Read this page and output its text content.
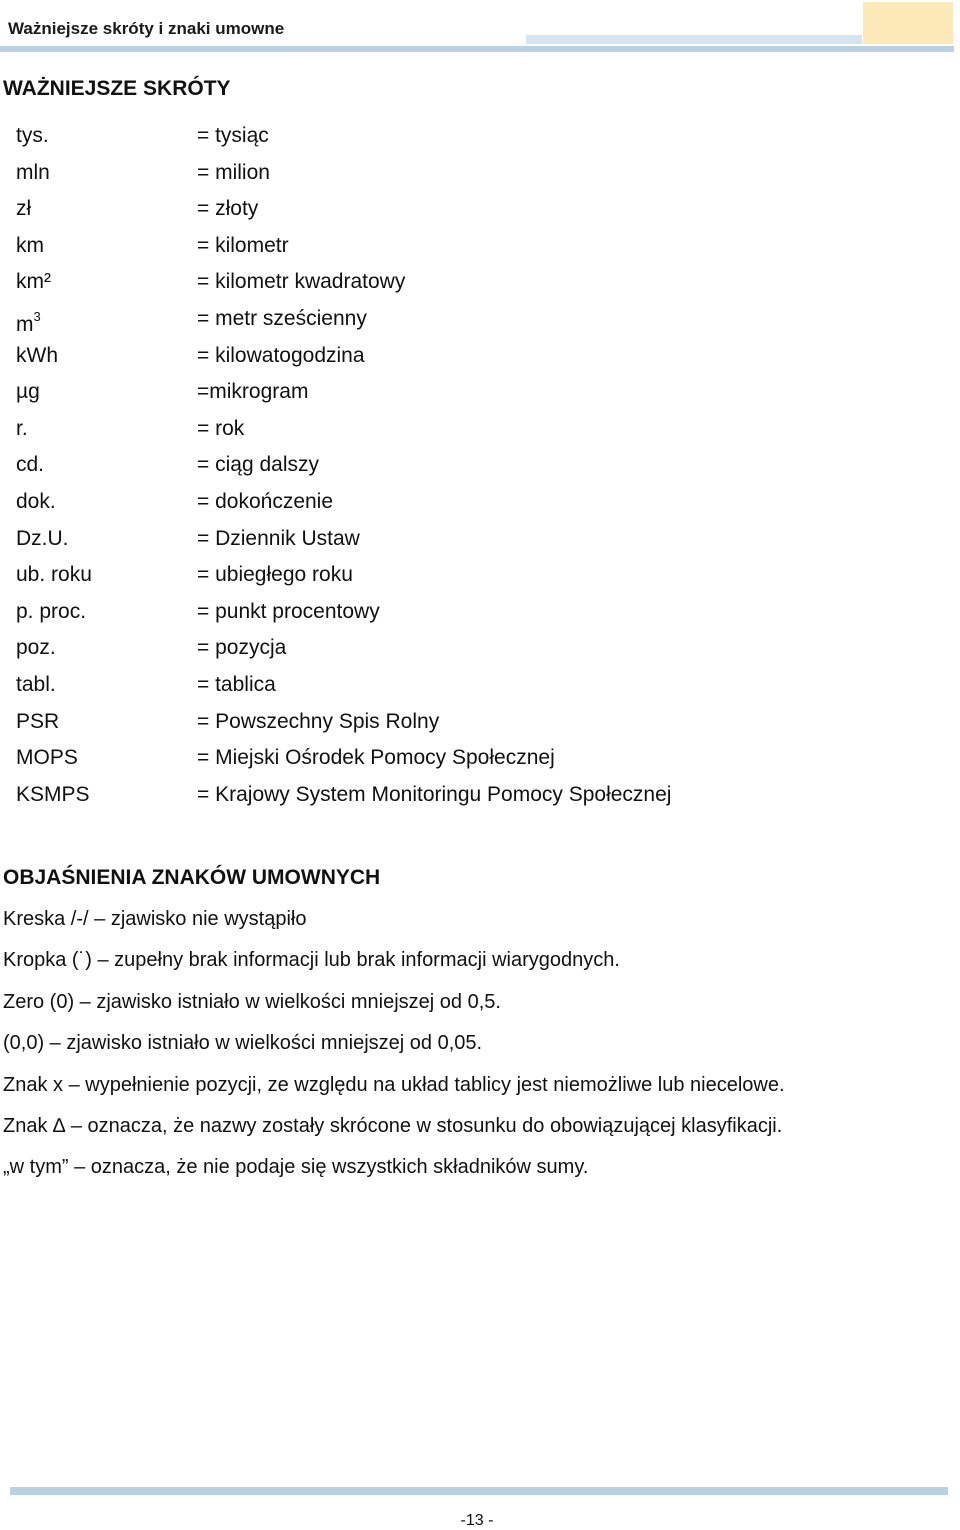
Ważniejsze skróty i znaki umowne
WAŻNIEJSZE SKRÓTY
tys.	= tysiąc
mln	= milion
zł	= złoty
km	= kilometr
km²	= kilometr kwadratowy
$m^3$	= metr sześcienny
kWh	= kilowatogodzina
µg	=mikrogram
r.	= rok
cd.	= ciąg dalszy
dok.	= dokończenie
Dz.U.	= Dziennik Ustaw
ub. roku	= ubiegłego roku
p. proc.	= punkt procentowy
poz.	= pozycja
tabl.	= tablica
PSR	= Powszechny Spis Rolny
MOPS	= Miejski Ośrodek Pomocy Społecznej
KSMPS	= Krajowy System Monitoringu Pomocy Społecznej
OBJAŚNIENIA ZNAKÓW UMOWNYCH
Kreska /-/ – zjawisko nie wystąpiło
Kropka (˙) – zupełny brak informacji lub brak informacji wiarygodnych.
Zero (0) – zjawisko istniało w wielkości mniejszej od 0,5.
(0,0) – zjawisko istniało w wielkości mniejszej od 0,05.
Znak x – wypełnienie pozycji, ze względu na układ tablicy jest niemożliwe lub niecelowe.
Znak ∆ – oznacza, że nazwy zostały skrócone w stosunku do obowiązującej klasyfikacji.
„w tym” – oznacza, że nie podaje się wszystkich składników sumy.
-13 -
